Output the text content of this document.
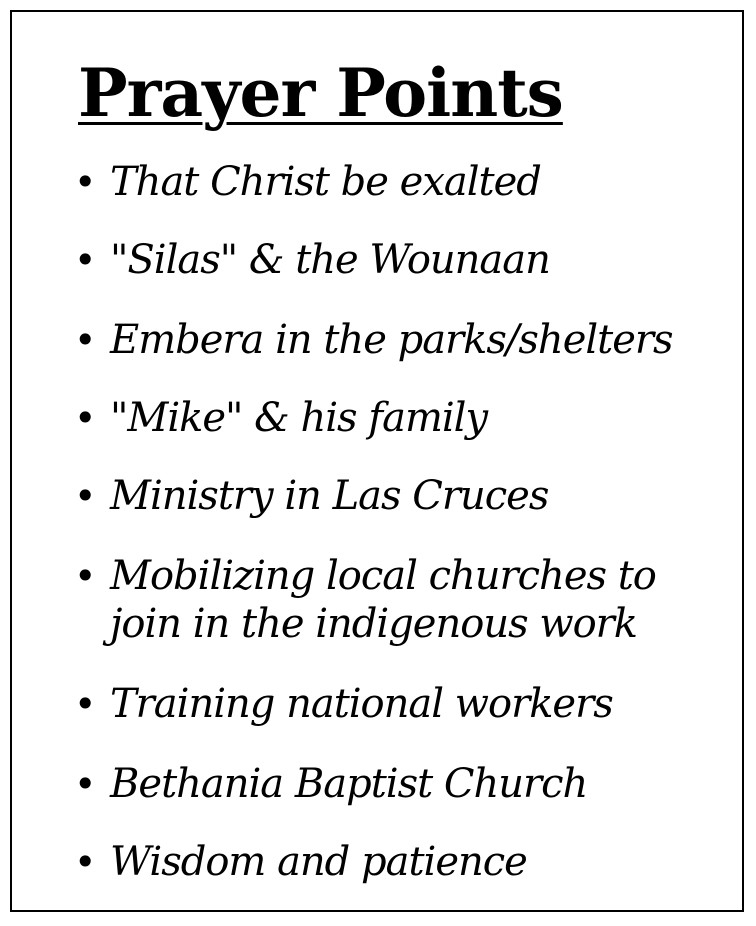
Prayer Points
• That Christ be exalted
• "Silas" & the Wounaan
• Embera in the parks/shelters
• "Mike" & his family
• Ministry in Las Cruces
• Mobilizing local churches to
join in the indigenous work
• Training national workers
• Bethania Baptist Church
• Wisdom and patience
